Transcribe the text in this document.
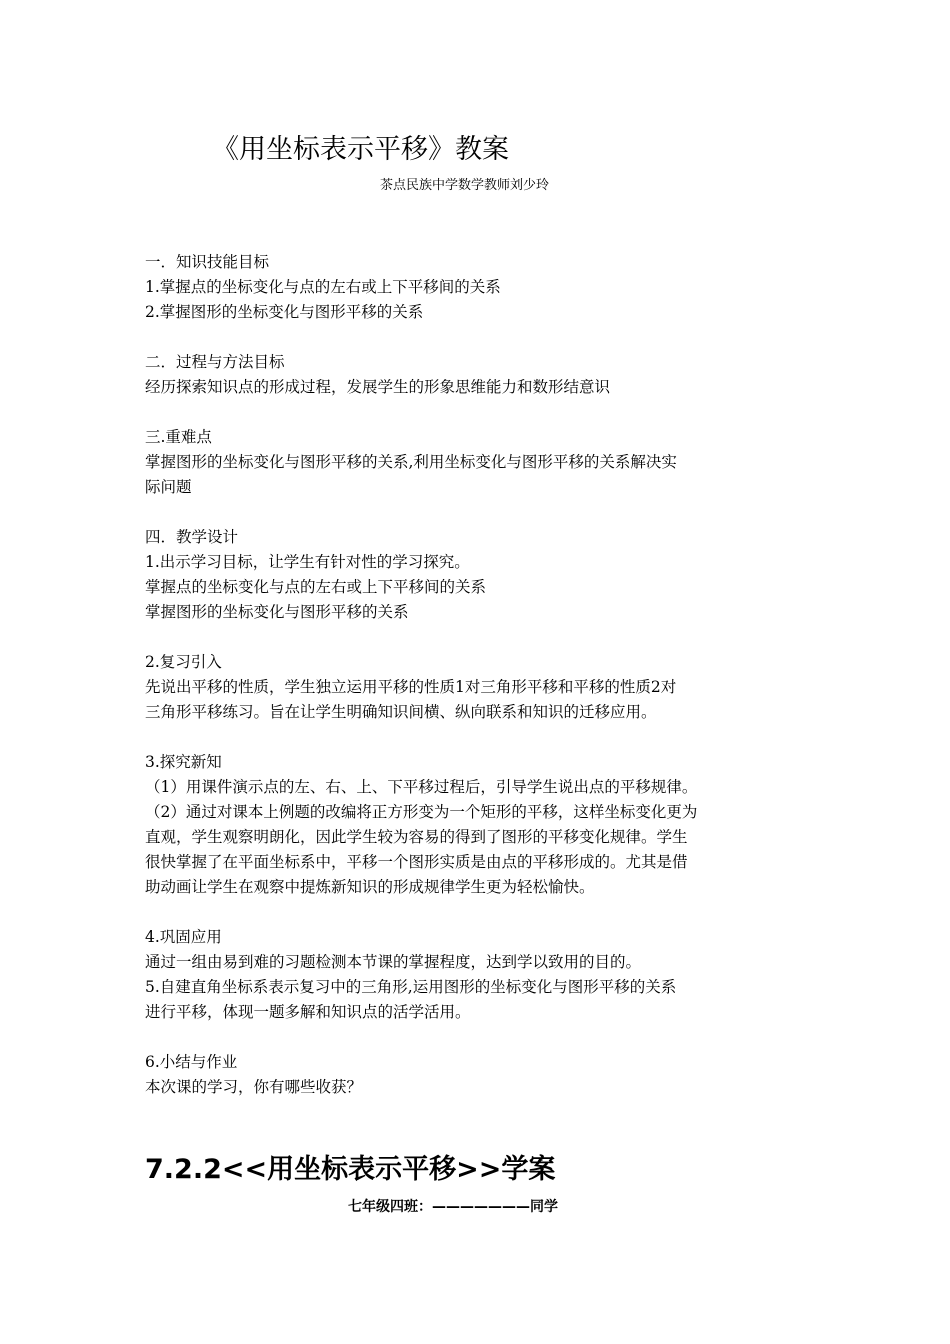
《用坐标表示平移》教案
茶点民族中学数学教师刘少玲

一．知识技能目标

1.掌握点的坐标变化与点的左右或上下平移间的关系

2.掌握图形的坐标变化与图形平移的关系

二．过程与方法目标

经历探索知识点的形成过程，发展学生的形象思维能力和数形结意识

三.重难点

掌握图形的坐标变化与图形平移的关系,利用坐标变化与图形平移的关系解决实

际问题

四．教学设计

1.出示学习目标，让学生有针对性的学习探究。

掌握点的坐标变化与点的左右或上下平移间的关系

掌握图形的坐标变化与图形平移的关系

2.复习引入

先说出平移的性质，学生独立运用平移的性质1对三角形平移和平移的性质2对

三角形平移练习。旨在让学生明确知识间横、纵向联系和知识的迁移应用。

3.探究新知

（1）用课件演示点的左、右、上、下平移过程后，引导学生说出点的平移规律。

（2）通过对课本上例题的改编将正方形变为一个矩形的平移，这样坐标变化更为

直观，学生观察明朗化，因此学生较为容易的得到了图形的平移变化规律。学生

很快掌握了在平面坐标系中，平移一个图形实质是由点的平移形成的。尤其是借

助动画让学生在观察中提炼新知识的形成规律学生更为轻松愉快。

4.巩固应用

通过一组由易到难的习题检测本节课的掌握程度，达到学以致用的目的。

5.自建直角坐标系表示复习中的三角形,运用图形的坐标变化与图形平移的关系

进行平移，体现一题多解和知识点的活学活用。

6.小结与作业

本次课的学习，你有哪些收获？

7.2.2<<用坐标表示平移>>学案
七年级四班：———————同学
